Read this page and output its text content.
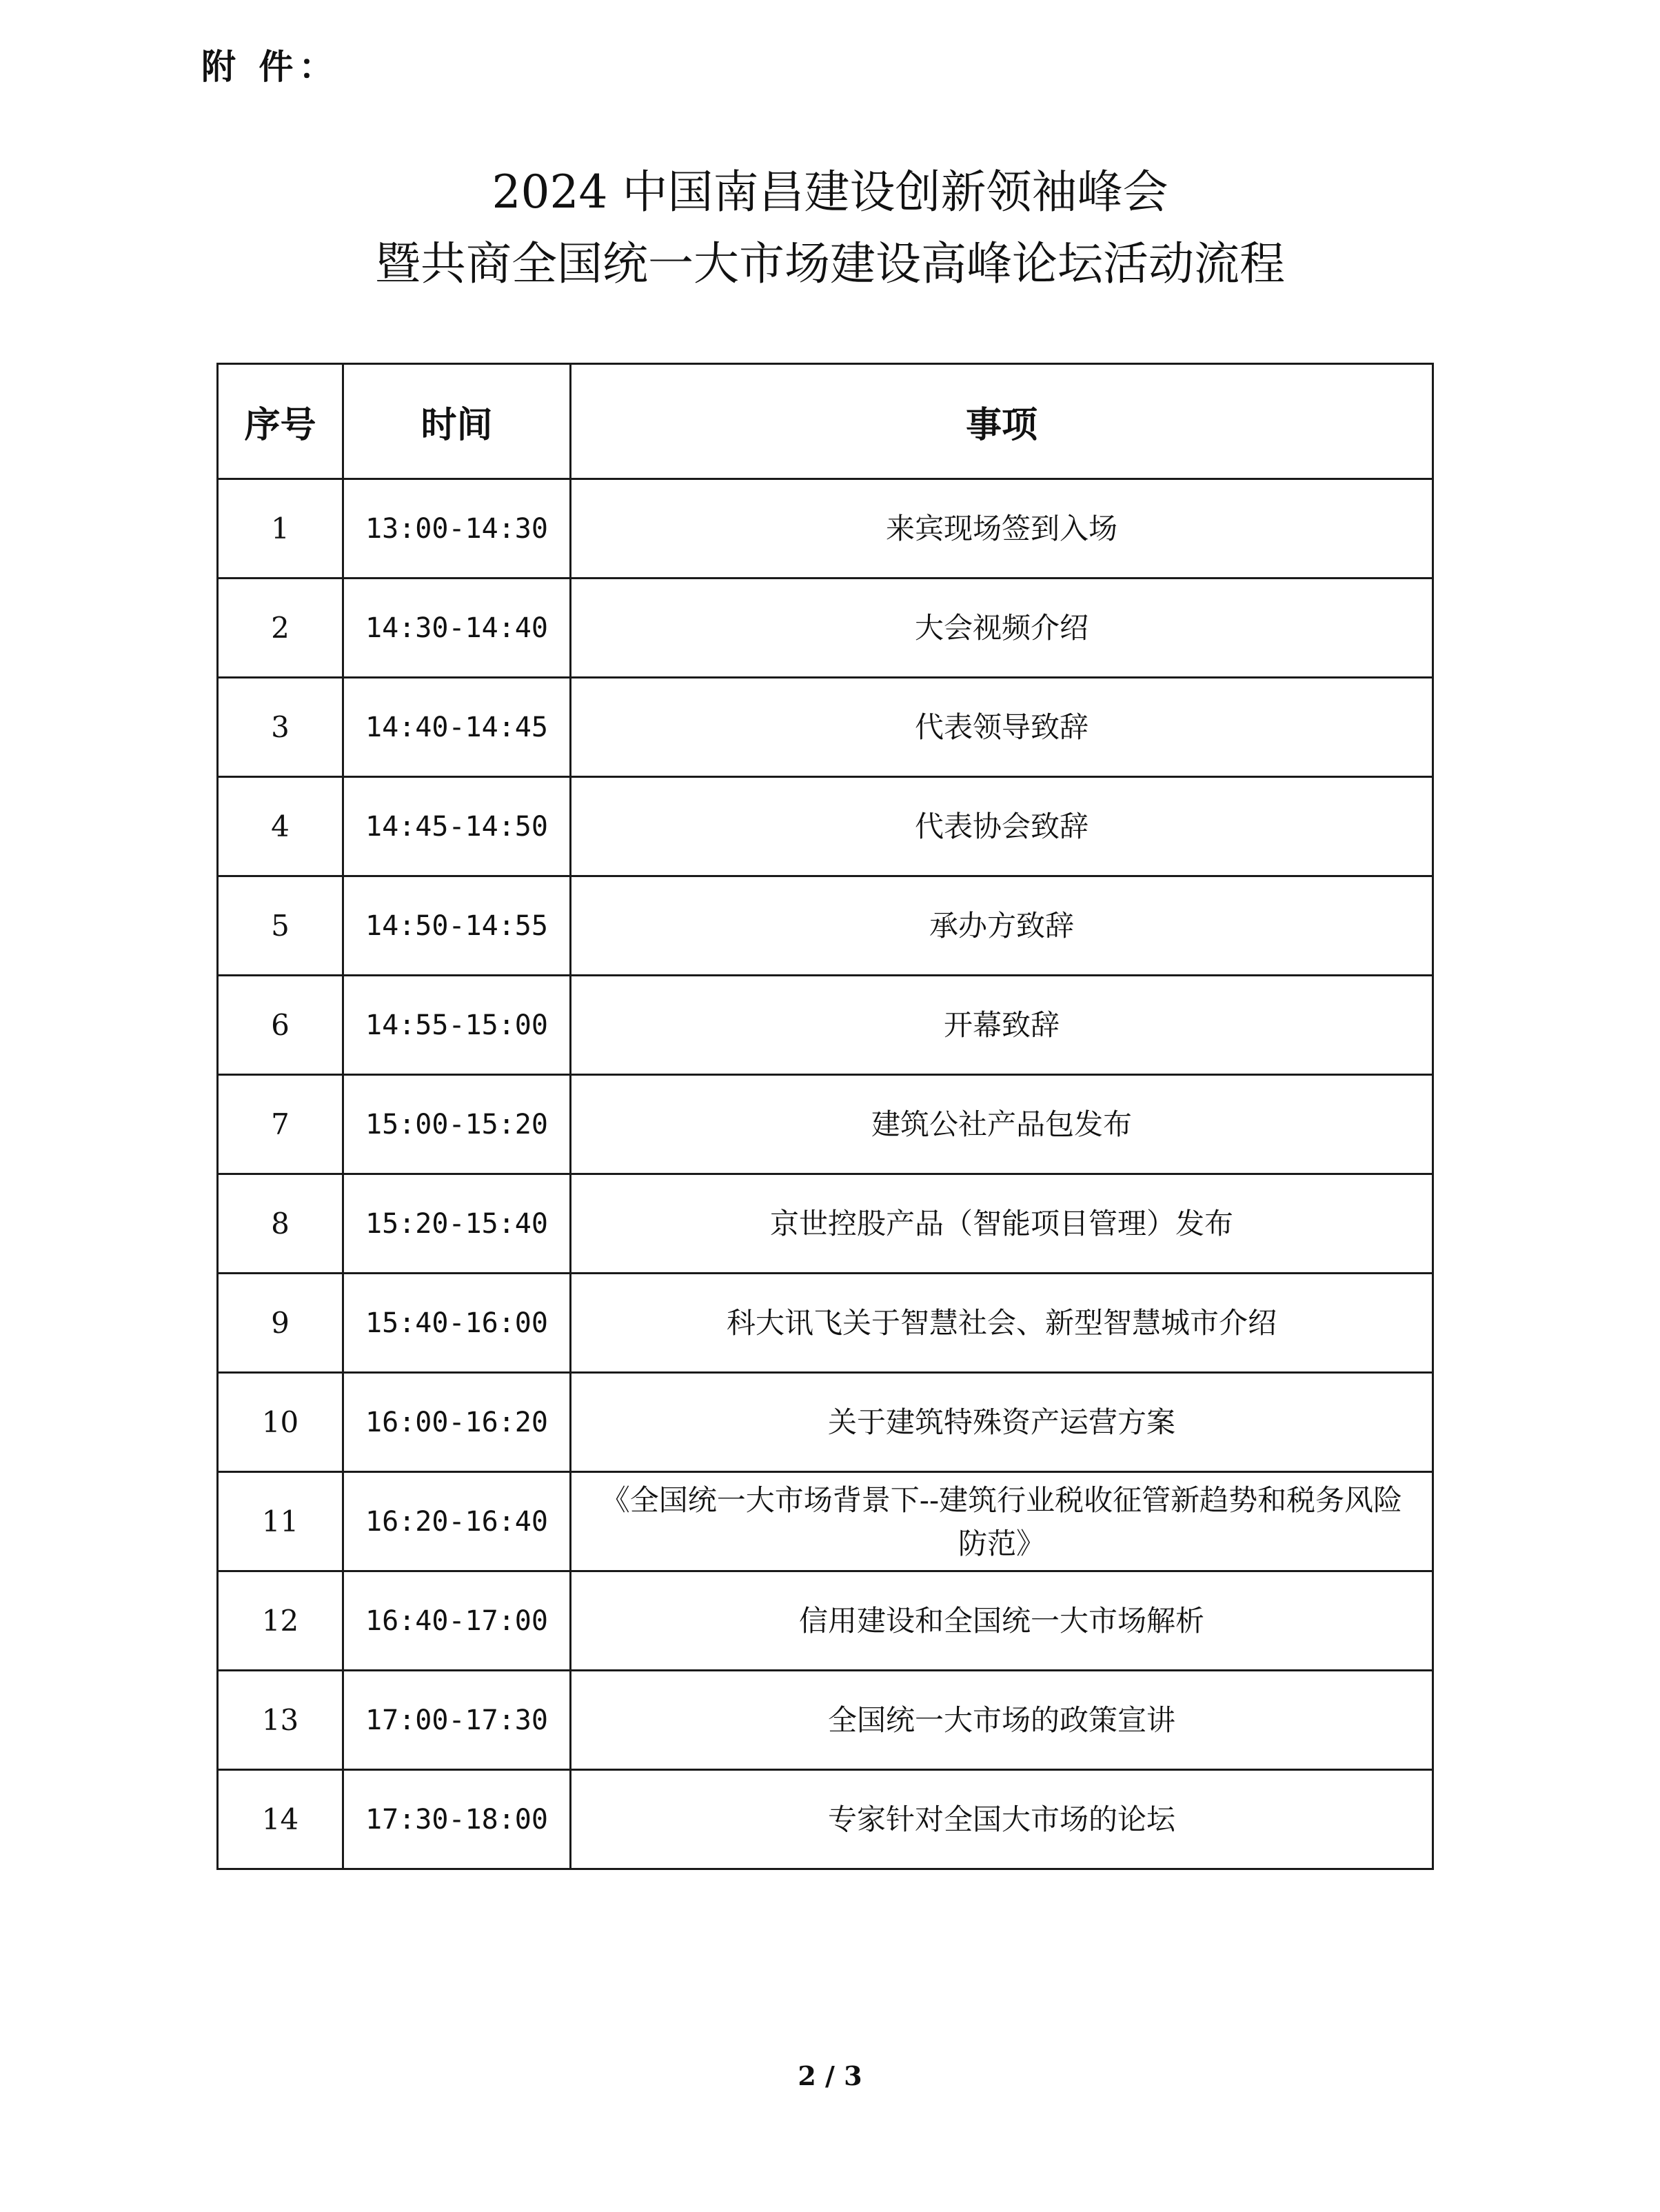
附 件：
2024 中国南昌建设创新领袖峰会
暨共商全国统一大市场建设高峰论坛活动流程
序号	时间	事项
1	13:00-14:30	来宾现场签到入场
2	14:30-14:40	大会视频介绍
3	14:40-14:45	代表领导致辞
4	14:45-14:50	代表协会致辞
5	14:50-14:55	承办方致辞
6	14:55-15:00	开幕致辞
7	15:00-15:20	建筑公社产品包发布
8	15:20-15:40	京世控股产品（智能项目管理）发布
9	15:40-16:00	科大讯飞关于智慧社会、新型智慧城市介绍
10	16:00-16:20	关于建筑特殊资产运营方案
11	16:20-16:40	《全国统一大市场背景下--建筑行业税收征管新趋势和税务风险防范》
12	16:40-17:00	信用建设和全国统一大市场解析
13	17:00-17:30	全国统一大市场的政策宣讲
14	17:30-18:00	专家针对全国大市场的论坛
2 / 3
